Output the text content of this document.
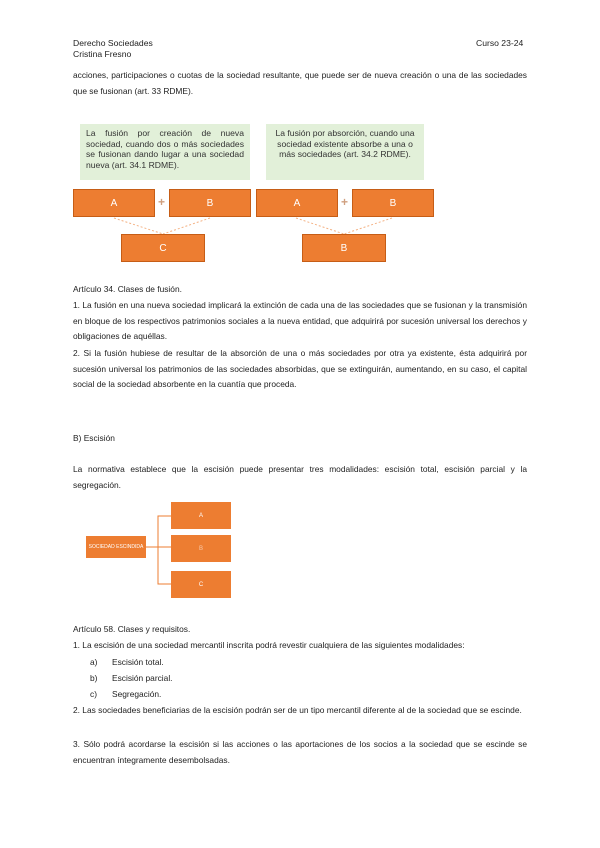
Derecho Sociedades
Cristina Fresno
Curso 23-24
acciones, participaciones o cuotas de la sociedad resultante, que puede ser de nueva creación o una de las sociedades que se fusionan (art. 33 RDME).
La fusión por creación de nueva sociedad, cuando dos o más sociedades se fusionan dando lugar a una sociedad nueva (art. 34.1 RDME).
La fusión por absorción, cuando una sociedad existente absorbe a una o más sociedades (art. 34.2 RDME).
A	+	B
C
A	+	B
B
Artículo 34. Clases de fusión.
1. La fusión en una nueva sociedad implicará la extinción de cada una de las sociedades que se fusionan y la transmisión en bloque de los respectivos patrimonios sociales a la nueva entidad, que adquirirá por sucesión universal los derechos y obligaciones de aquéllas.
2. Si la fusión hubiese de resultar de la absorción de una o más sociedades por otra ya existente, ésta adquirirá por sucesión universal los patrimonios de las sociedades absorbidas, que se extinguirán, aumentando, en su caso, el capital social de la sociedad absorbente en la cuantía que proceda.
B) Escisión
La normativa establece que la escisión puede presentar tres modalidades: escisión total, escisión parcial y la segregación.
SOCIEDAD ESCINDIDA
A
B
C
Artículo 58. Clases y requisitos.
1. La escisión de una sociedad mercantil inscrita podrá revestir cualquiera de las siguientes modalidades:
a) Escisión total.
b) Escisión parcial.
c) Segregación.
2. Las sociedades beneficiarias de la escisión podrán ser de un tipo mercantil diferente al de la sociedad que se escinde.
3. Sólo podrá acordarse la escisión si las acciones o las aportaciones de los socios a la sociedad que se escinde se encuentran íntegramente desembolsadas.
